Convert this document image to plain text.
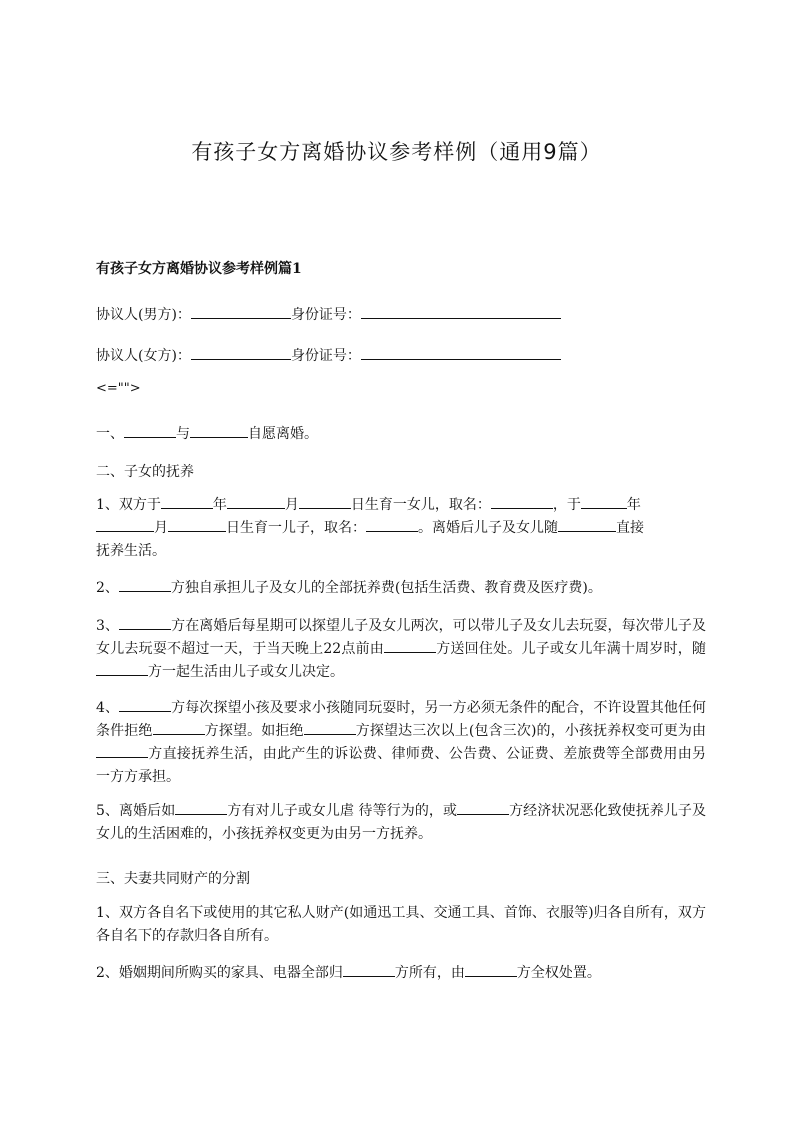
有孩子女方离婚协议参考样例（通用9篇）
有孩子女方离婚协议参考样例篇1
协议人(男方)：	身份证号：
协议人(女方)：	身份证号：
<="">
一、	与	自愿离婚。
二、子女的抚养
1、双方于	年	月	日生育一女儿，取名：	，于	年
月	日生育一儿子，取名：	。离婚后儿子及女儿随	直接
抚养生活。
2、	方独自承担儿子及女儿的全部抚养费(包括生活费、教育费及医疗费)。
3、	方在离婚后每星期可以探望儿子及女儿两次，可以带儿子及女儿去玩耍，每次带儿子及女儿去玩耍不超过一天，于当天晚上22点前由	方送回住处。儿子或女儿年满十周岁时，随方一起生活由儿子或女儿决定。
4、	方每次探望小孩及要求小孩随同玩耍时，另一方必须无条件的配合，不许设置其他任何条件拒绝	方探望。如拒绝	方探望达三次以上(包含三次)的，小孩抚养权变可更为由方直接抚养生活，由此产生的诉讼费、律师费、公告费、公证费、差旅费等全部费用由另一方方承担。
5、离婚后如	方有对儿子或女儿虐 待等行为的，或	方经济状况恶化致使抚养儿子及女儿的生活困难的，小孩抚养权变更为由另一方抚养。
三、夫妻共同财产的分割
1、双方各自名下或使用的其它私人财产(如通迅工具、交通工具、首饰、衣服等)归各自所有，双方各自名下的存款归各自所有。
2、婚姻期间所购买的家具、电器全部归	方所有，由	方全权处置。
